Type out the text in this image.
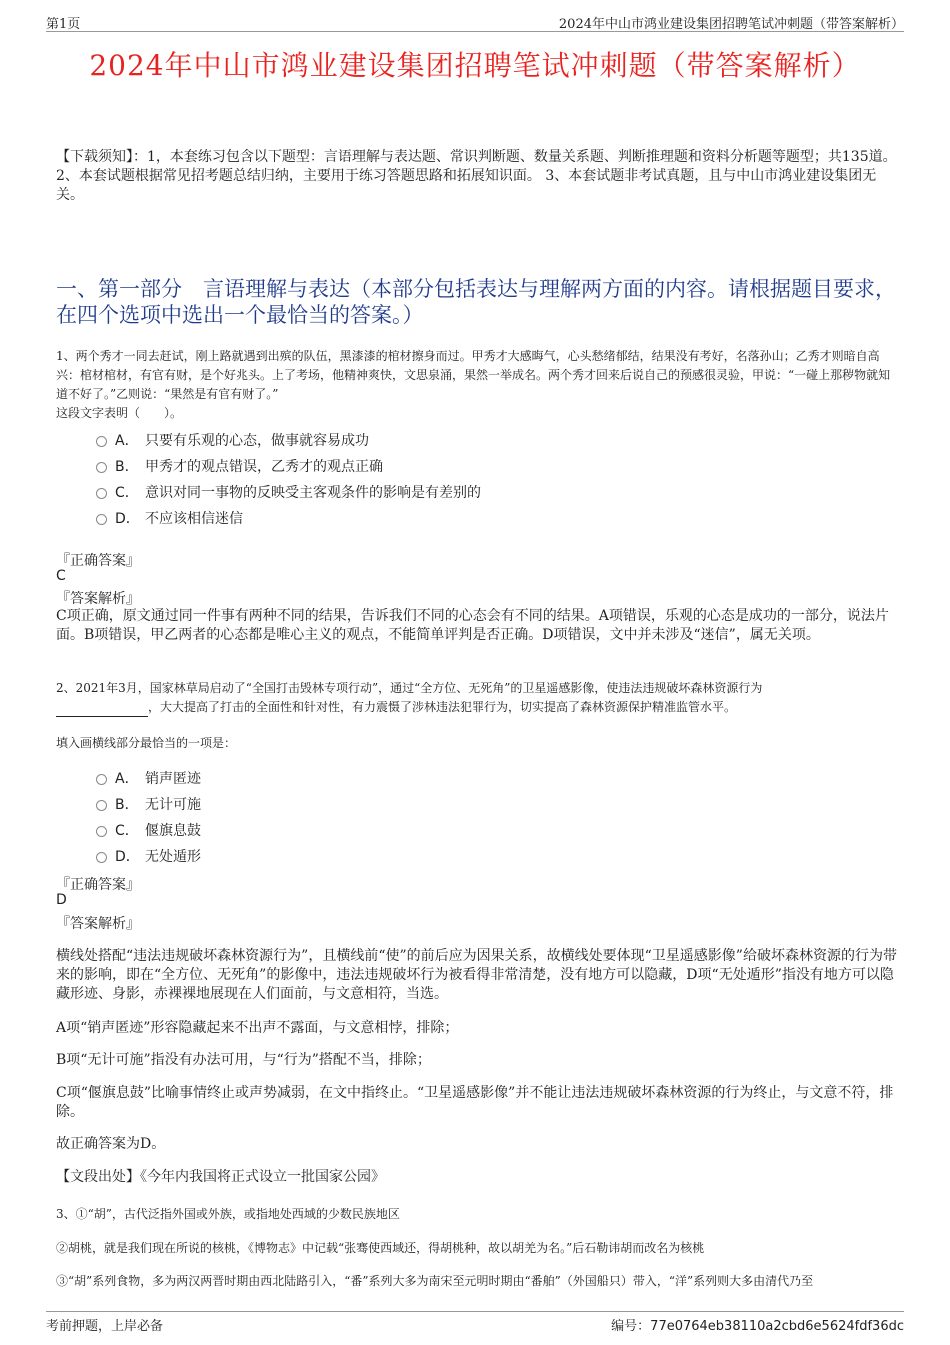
第1页	2024年中山市鸿业建设集团招聘笔试冲刺题（带答案解析）
2024年中山市鸿业建设集团招聘笔试冲刺题（带答案解析）
【下载须知】：1，本套练习包含以下题型：言语理解与表达题、常识判断题、数量关系题、判断推理题和资料分析题等题型；共135道。 2、本套试题根据常见招考题总结归纳，主要用于练习答题思路和拓展知识面。 3、本套试题非考试真题，且与中山市鸿业建设集团无关。
一、第一部分　言语理解与表达（本部分包括表达与理解两方面的内容。请根据题目要求，在四个选项中选出一个最恰当的答案。）
1、两个秀才一同去赶试，刚上路就遇到出殡的队伍，黑漆漆的棺材擦身而过。甲秀才大感晦气，心头愁绪郁结，结果没有考好，名落孙山；乙秀才则暗自高兴：棺材棺材，有官有财，是个好兆头。上了考场，他精神爽快，文思泉涌，果然一举成名。两个秀才回来后说自己的预感很灵验，甲说：“一碰上那秽物就知道不好了。”乙则说：“果然是有官有财了。”
这段文字表明（　　）。
A． 只要有乐观的心态，做事就容易成功
B． 甲秀才的观点错误，乙秀才的观点正确
C． 意识对同一事物的反映受主客观条件的影响是有差别的
D． 不应该相信迷信
『正确答案』
C
『答案解析』
C项正确，原文通过同一件事有两种不同的结果，告诉我们不同的心态会有不同的结果。A项错误，乐观的心态是成功的一部分，说法片面。B项错误，甲乙两者的心态都是唯心主义的观点，不能简单评判是否正确。D项错误，文中并未涉及“迷信”，属无关项。
2、2021年3月，国家林草局启动了“全国打击毁林专项行动”，通过“全方位、无死角”的卫星遥感影像，使违法违规破坏森林资源行为
，大大提高了打击的全面性和针对性，有力震慑了涉林违法犯罪行为，切实提高了森林资源保护精准监管水平。
填入画横线部分最恰当的一项是：
A． 销声匿迹
B． 无计可施
C． 偃旗息鼓
D． 无处遁形
『正确答案』
D
『答案解析』
横线处搭配“违法违规破坏森林资源行为”，且横线前“使”的前后应为因果关系，故横线处要体现“卫星遥感影像”给破坏森林资源的行为带来的影响，即在“全方位、无死角”的影像中，违法违规破坏行为被看得非常清楚，没有地方可以隐藏，D项“无处遁形”指没有地方可以隐藏形迹、身影，赤裸裸地展现在人们面前，与文意相符，当选。
A项“销声匿迹”形容隐藏起来不出声不露面，与文意相悖，排除；
B项“无计可施”指没有办法可用，与“行为”搭配不当，排除；
C项“偃旗息鼓”比喻事情终止或声势减弱，在文中指终止。“卫星遥感影像”并不能让违法违规破坏森林资源的行为终止，与文意不符，排除。
故正确答案为D。
【文段出处】《今年内我国将正式设立一批国家公园》
3、①“胡”，古代泛指外国或外族，或指地处西域的少数民族地区
②胡桃，就是我们现在所说的核桃，《博物志》中记载“张骞使西域还，得胡桃种，故以胡羌为名。”后石勒讳胡而改名为核桃
③“胡”系列食物，多为两汉两晋时期由西北陆路引入，“番”系列大多为南宋至元明时期由“番舶”（外国船只）带入，“洋”系列则大多由清代乃至
考前押题，上岸必备	编号：77e0764eb38110a2cbd6e5624fdf36dc
